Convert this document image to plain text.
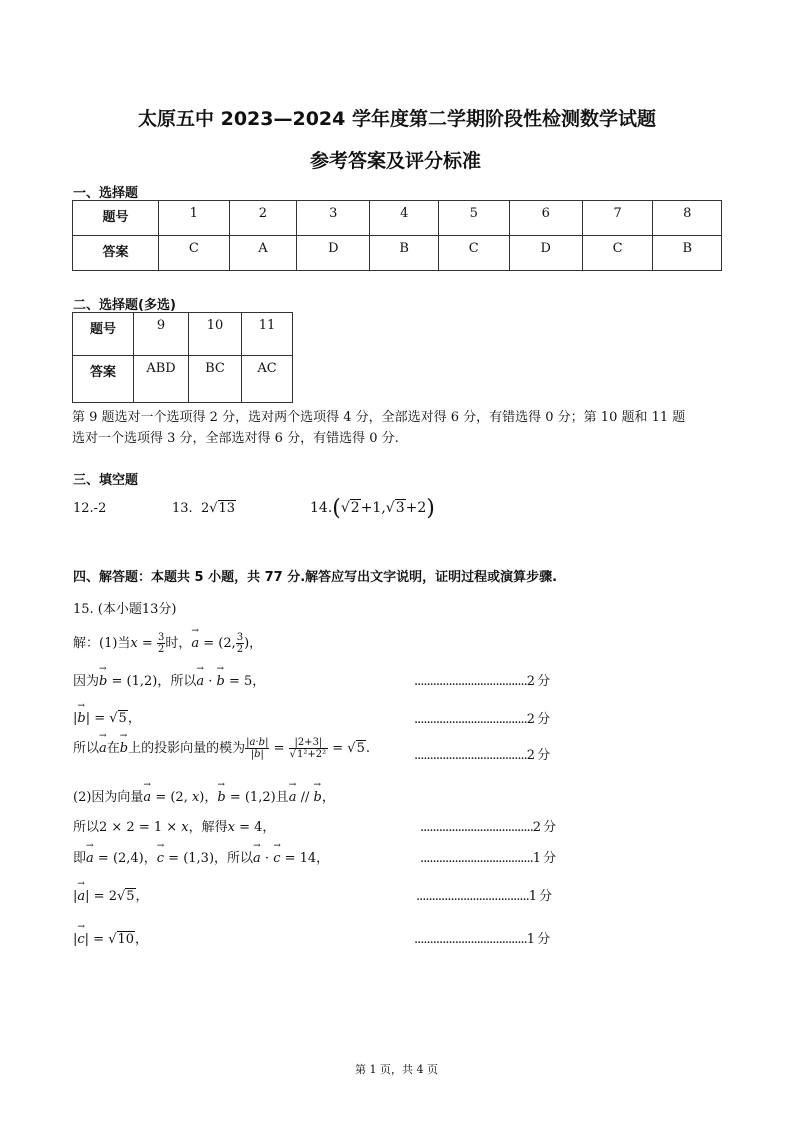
太原五中 2023—2024 学年度第二学期阶段性检测数学试题
参考答案及评分标准
一、选择题
题号	1	2	3	4	5	6	7	8
答案	C	A	D	B	C	D	C	B
二、选择题(多选)
题号	9	10	11
答案	ABD	BC	AC
第 9 题选对一个选项得 2 分，选对两个选项得 4 分，全部选对得 6 分，有错选得 0 分；第 10 题和 11 题
选对一个选项得 3 分，全部选对得 6 分，有错选得 0 分.
三、填空题
12.-2	13. 2√13	14.(√2+1,√3+2)
四、解答题：本题共 5 小题，共 77 分.解答应写出文字说明，证明过程或演算步骤.
15. (本小题13分)
解：(1)当$x = \frac{3}{2}$ 时，→ a = (2, $\frac{3}{2}$ )，
因为→ b = (1,2)，所以→ a · → b = 5，	....................................2 分
|→ b| = √5，	....................................2 分
所以→ a在→ b上的投影向量的模为 $\frac{|a\cdot b|}{|b|} = \frac{|2+3|}{\text{√1²+2²}} = √5$.	....................................2 分
(2)因为向量→ a = (2, x)，→ b = (1,2)且→ a // → b，
所以2 × 2 = 1 × x，解得x = 4，	....................................2 分
即→ a = (2,4)，→ c = (1,3)，所以→ a · → c = 14，	....................................1 分
|→ a| = 2√5，	....................................1 分
|→ c| = √10，	....................................1 分
第 1 页，共 4 页
